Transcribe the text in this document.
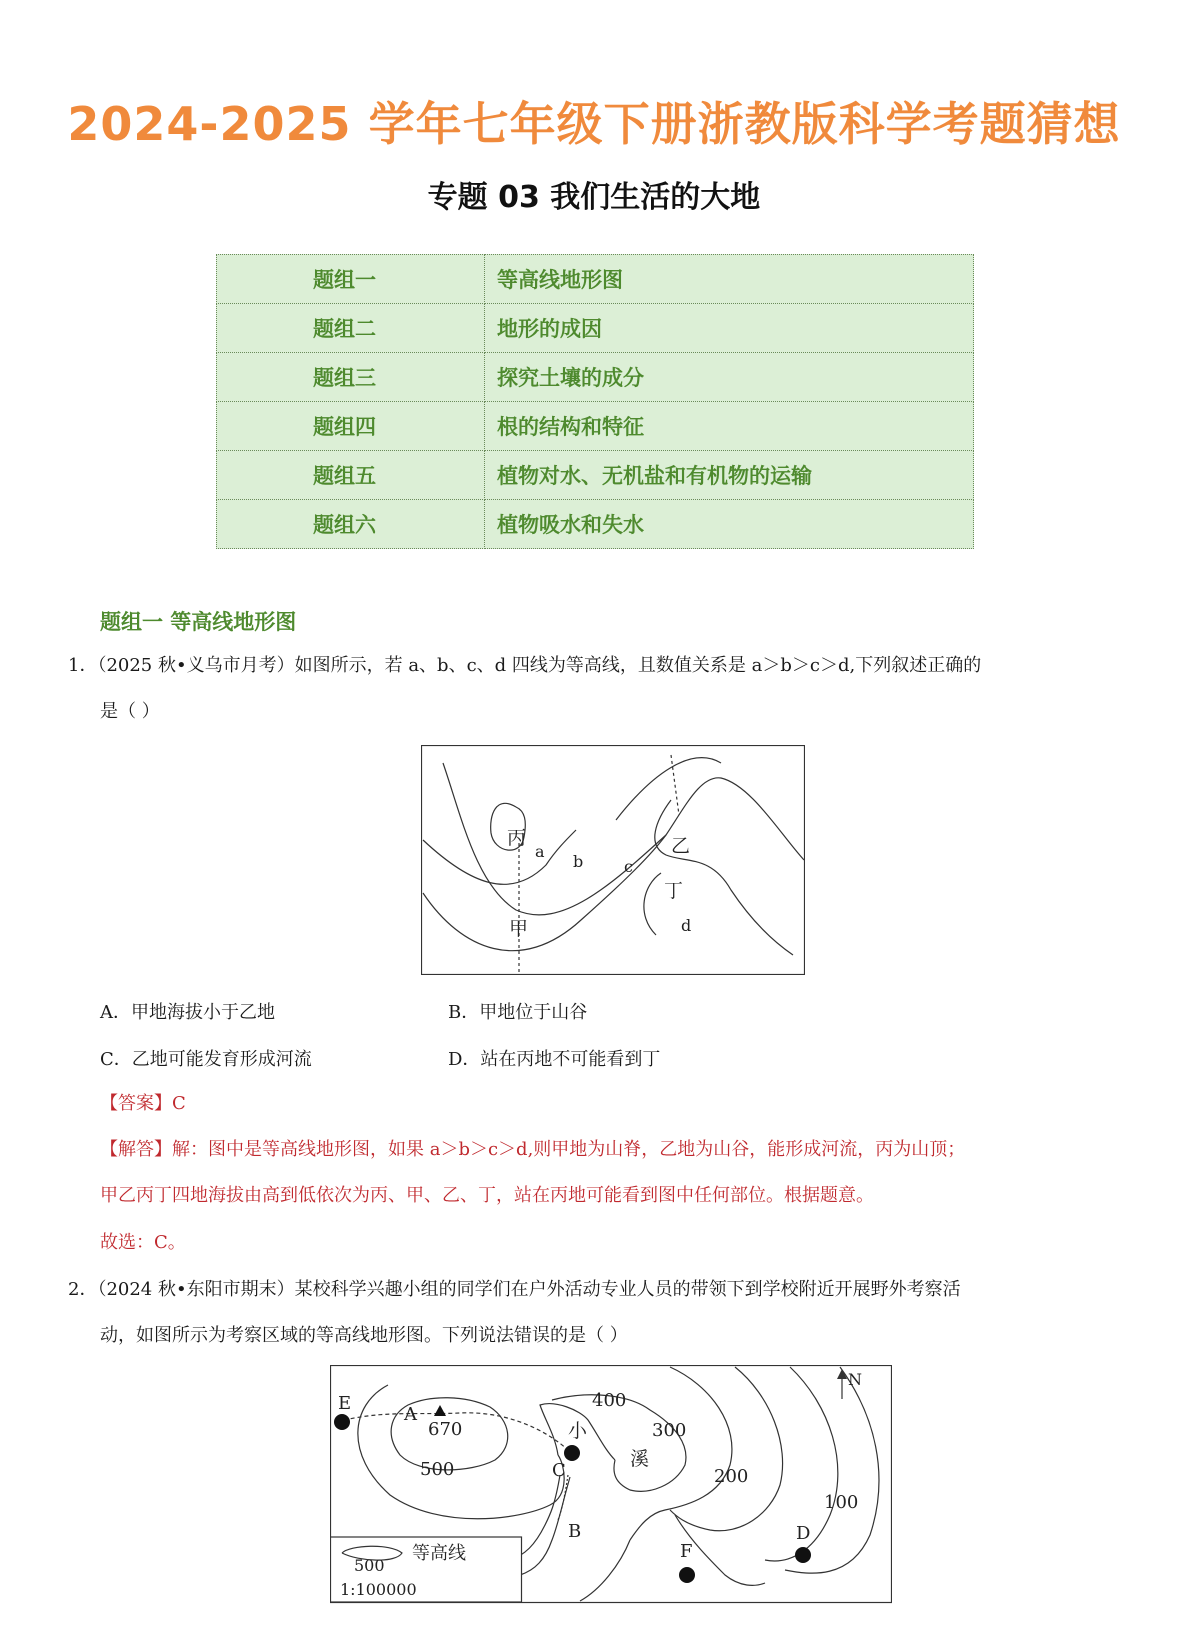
2024-2025 学年七年级下册浙教版科学考题猜想
专题 03 我们生活的大地
题组一	等高线地形图
题组二	地形的成因
题组三	探究土壤的成分
题组四	根的结构和特征
题组五	植物对水、无机盐和有机物的运输
题组六	植物吸水和失水
题组一 等高线地形图
1．（2025 秋•义乌市月考）如图所示，若 a、b、c、d 四线为等高线，且数值关系是 a＞b＞c＞d,下列叙述正确的
是（ ）
丙
a
b	c
乙
丁
d
甲
A．甲地海拔小于乙地	B．甲地位于山谷
C．乙地可能发育形成河流	D．站在丙地不可能看到丁
【答案】C
【解答】解：图中是等高线地形图，如果 a＞b＞c＞d,则甲地为山脊，乙地为山谷，能形成河流，丙为山顶；
甲乙丙丁四地海拔由高到低依次为丙、甲、乙、丁，站在丙地可能看到图中任何部位。根据题意。
故选：C。
2．（2024 秋•东阳市期末）某校科学兴趣小组的同学们在户外活动专业人员的带领下到学校附近开展野外考察活
动，如图所示为考察区域的等高线地形图。下列说法错误的是（ ）
E
A
670
500
400
300
200
100
小
溪
C
B
F
D
N
500
等高线
1:100000
